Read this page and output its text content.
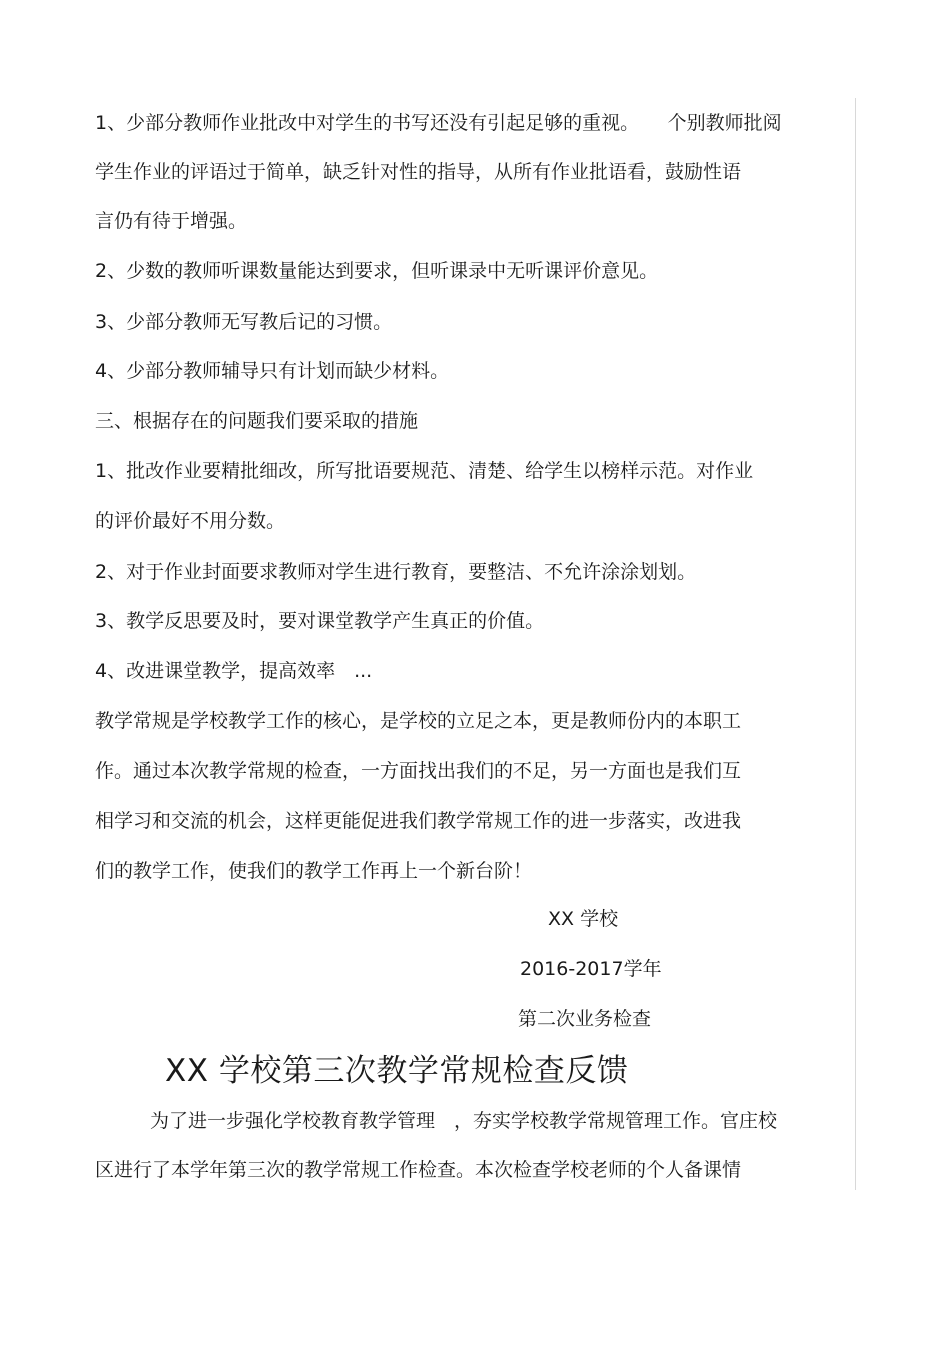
1、少部分教师作业批改中对学生的书写还没有引起足够的重视。　　个别教师批阅
学生作业的评语过于简单，缺乏针对性的指导，从所有作业批语看，鼓励性语
言仍有待于增强。
2、少数的教师听课数量能达到要求，但听课录中无听课评价意见。
3、少部分教师无写教后记的习惯。
4、少部分教师辅导只有计划而缺少材料。
三、根据存在的问题我们要采取的措施
1、批改作业要精批细改，所写批语要规范、清楚、给学生以榜样示范。对作业
的评价最好不用分数。
2、对于作业封面要求教师对学生进行教育，要整洁、不允许涂涂划划。
3、教学反思要及时，要对课堂教学产生真正的价值。
4、改进课堂教学，提高效率　...
教学常规是学校教学工作的核心，是学校的立足之本，更是教师份内的本职工
作。通过本次教学常规的检查，一方面找出我们的不足，另一方面也是我们互
相学习和交流的机会，这样更能促进我们教学常规工作的进一步落实，改进我
们的教学工作，使我们的教学工作再上一个新台阶！
XX 学校
2016-2017学年
第二次业务检查
XX 学校第三次教学常规检查反馈
为了进一步强化学校教育教学管理　，夯实学校教学常规管理工作。官庄校
区进行了本学年第三次的教学常规工作检查。本次检查学校老师的个人备课情
